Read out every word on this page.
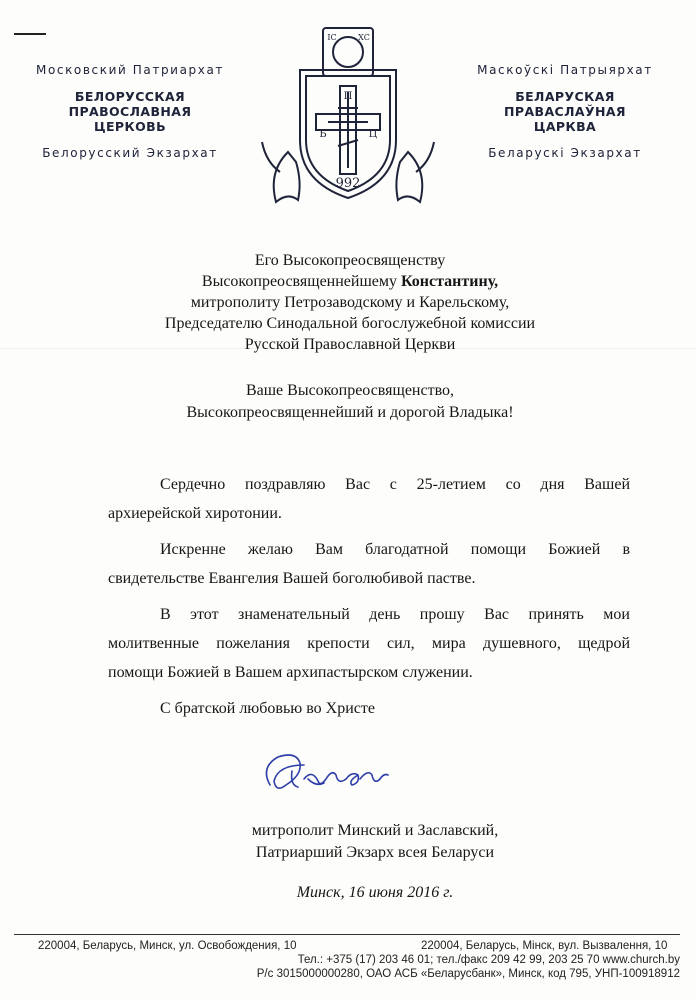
Московский Патриархат
БЕЛОРУССКАЯ
ПРАВОСЛАВНАЯ
ЦЕРКОВЬ
Белорусский Экзархат
IC	XC
П
Б	Ц
992
Маскоўскі Патрыярхат
БЕЛАРУСКАЯ
ПРАВАСЛАЎНАЯ
ЦАРКВА
Беларускі Экзархат
Его Высокопреосвященству
Высокопреосвященнейшему Константину,
митрополиту Петрозаводскому и Карельскому,
Председателю Синодальной богослужебной комиссии
Русской Православной Церкви
Ваше Высокопреосвященство,
Высокопреосвященнейший и дорогой Владыка!
Сердечно поздравляю Вас с 25-летием со дня Вашей
архиерейской хиротонии.
Искренне желаю Вам благодатной помощи Божией в
свидетельстве Евангелия Вашей боголюбивой пастве.
В этот знаменательный день прошу Вас принять мои
молитвенные пожелания крепости сил, мира душевного, щедрой
помощи Божией в Вашем архипастырском служении.
С братской любовью во Христе
митрополит Минский и Заславский,
Патриарший Экзарх всея Беларуси
Минск, 16 июня 2016 г.
220004, Беларусь, Минск, ул. Освобождения, 10	220004, Беларусь, Мінск, вул. Вызвалення, 10
Тел.: +375 (17) 203 46 01; тел./факс 209 42 99, 203 25 70 www.church.by
Р/с 3015000000280, ОАО АСБ «Беларусбанк», Минск, код 795, УНП-100918912
